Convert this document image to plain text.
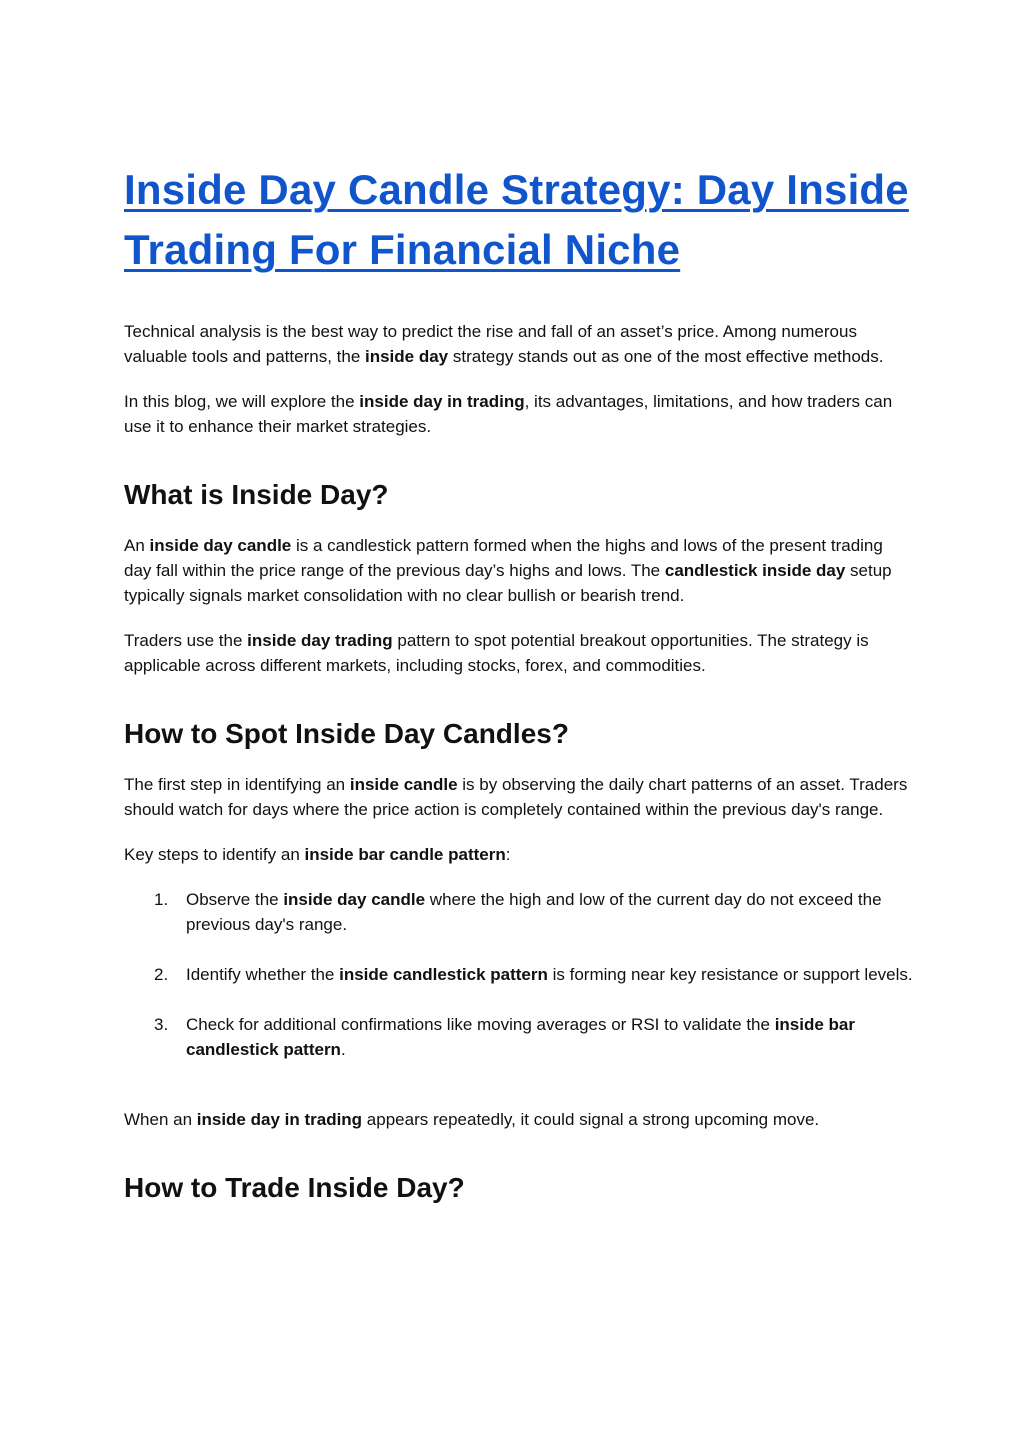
Inside Day Candle Strategy: Day Inside Trading For Financial Niche

Technical analysis is the best way to predict the rise and fall of an asset’s price. Among numerous valuable tools and patterns, the inside day strategy stands out as one of the most effective methods.

In this blog, we will explore the inside day in trading, its advantages, limitations, and how traders can use it to enhance their market strategies.

What is Inside Day?

An inside day candle is a candlestick pattern formed when the highs and lows of the present trading day fall within the price range of the previous day’s highs and lows. The candlestick inside day setup typically signals market consolidation with no clear bullish or bearish trend.

Traders use the inside day trading pattern to spot potential breakout opportunities. The strategy is applicable across different markets, including stocks, forex, and commodities.

How to Spot Inside Day Candles?

The first step in identifying an inside candle is by observing the daily chart patterns of an asset. Traders should watch for days where the price action is completely contained within the previous day's range.

Key steps to identify an inside bar candle pattern:

1. Observe the inside day candle where the high and low of the current day do not exceed the previous day's range.
2. Identify whether the inside candlestick pattern is forming near key resistance or support levels.
3. Check for additional confirmations like moving averages or RSI to validate the inside bar candlestick pattern.

When an inside day in trading appears repeatedly, it could signal a strong upcoming move.

How to Trade Inside Day?
